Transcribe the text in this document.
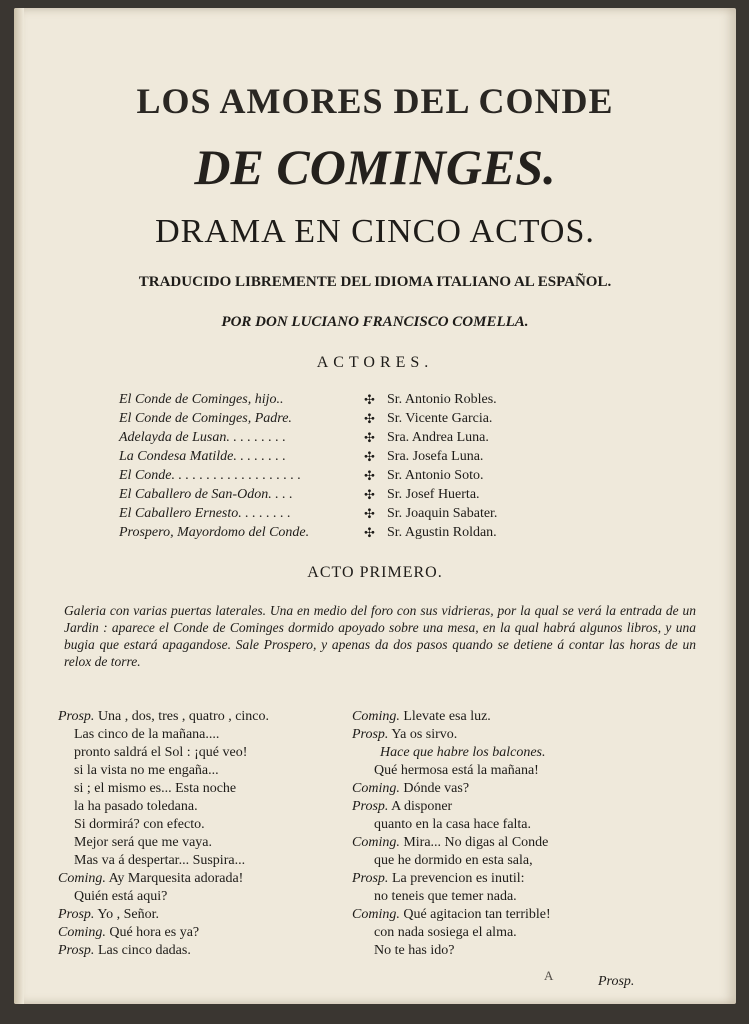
LOS AMORES DEL CONDE
DE COMINGES.
DRAMA EN CINCO ACTOS.
TRADUCIDO LIBREMENTE DEL IDIOMA ITALIANO AL ESPAÑOL.
POR DON LUCIANO FRANCISCO COMELLA.
ACTORES.
El Conde de Cominges, hijo..	✣ Sr. Antonio Robles.
El Conde de Cominges, Padre.	✣ Sr. Vicente Garcia.
Adelayda de Lusan. . . . . . . . .	✣ Sra. Andrea Luna.
La Condesa Matilde. . . . . . . .	✣ Sra. Josefa Luna.
El Conde. . . . . . . . . . . . . . . . . . .	✣ Sr. Antonio Soto.
El Caballero de San-Odon. . . .	✣ Sr. Josef Huerta.
El Caballero Ernesto. . . . . . . .	✣ Sr. Joaquin Sabater.
Prospero, Mayordomo del Conde.	✣ Sr. Agustin Roldan.
ACTO PRIMERO.
Galeria con varias puertas laterales. Una en medio del foro con sus vidrieras, por la qual se verá la entrada de un Jardin : aparece el Conde de Cominges dormido apoyado sobre una mesa, en la qual habrá algunos libros, y una bugia que estará apagandose. Sale Prospero, y apenas da dos pasos quando se detiene á contar las horas de un relox de torre.
Prosp. Una , dos, tres , quatro , cinco.
Las cinco de la mañana....
pronto saldrá el Sol : ¡qué veo!
si la vista no me engaña...
si ; el mismo es... Esta noche
la ha pasado toledana.
Si dormirá? con efecto.
Mejor será que me vaya.
Mas va á despertar... Suspira...
Coming. Ay Marquesita adorada!
Quién está aqui?
Prosp. Yo , Señor.
Coming. Qué hora es ya?
Prosp. Las cinco dadas.
Coming. Llevate esa luz.
Prosp. Ya os sirvo.
Hace que habre los balcones.
Qué hermosa está la mañana!
Coming. Dónde vas?
Prosp. A disponer
quanto en la casa hace falta.
Coming. Mira... No digas al Conde
que he dormido en esta sala,
Prosp. La prevencion es inutil:
no teneis que temer nada.
Coming. Qué agitacion tan terrible!
con nada sosiega el alma.
No te has ido?
A	Prosp.
